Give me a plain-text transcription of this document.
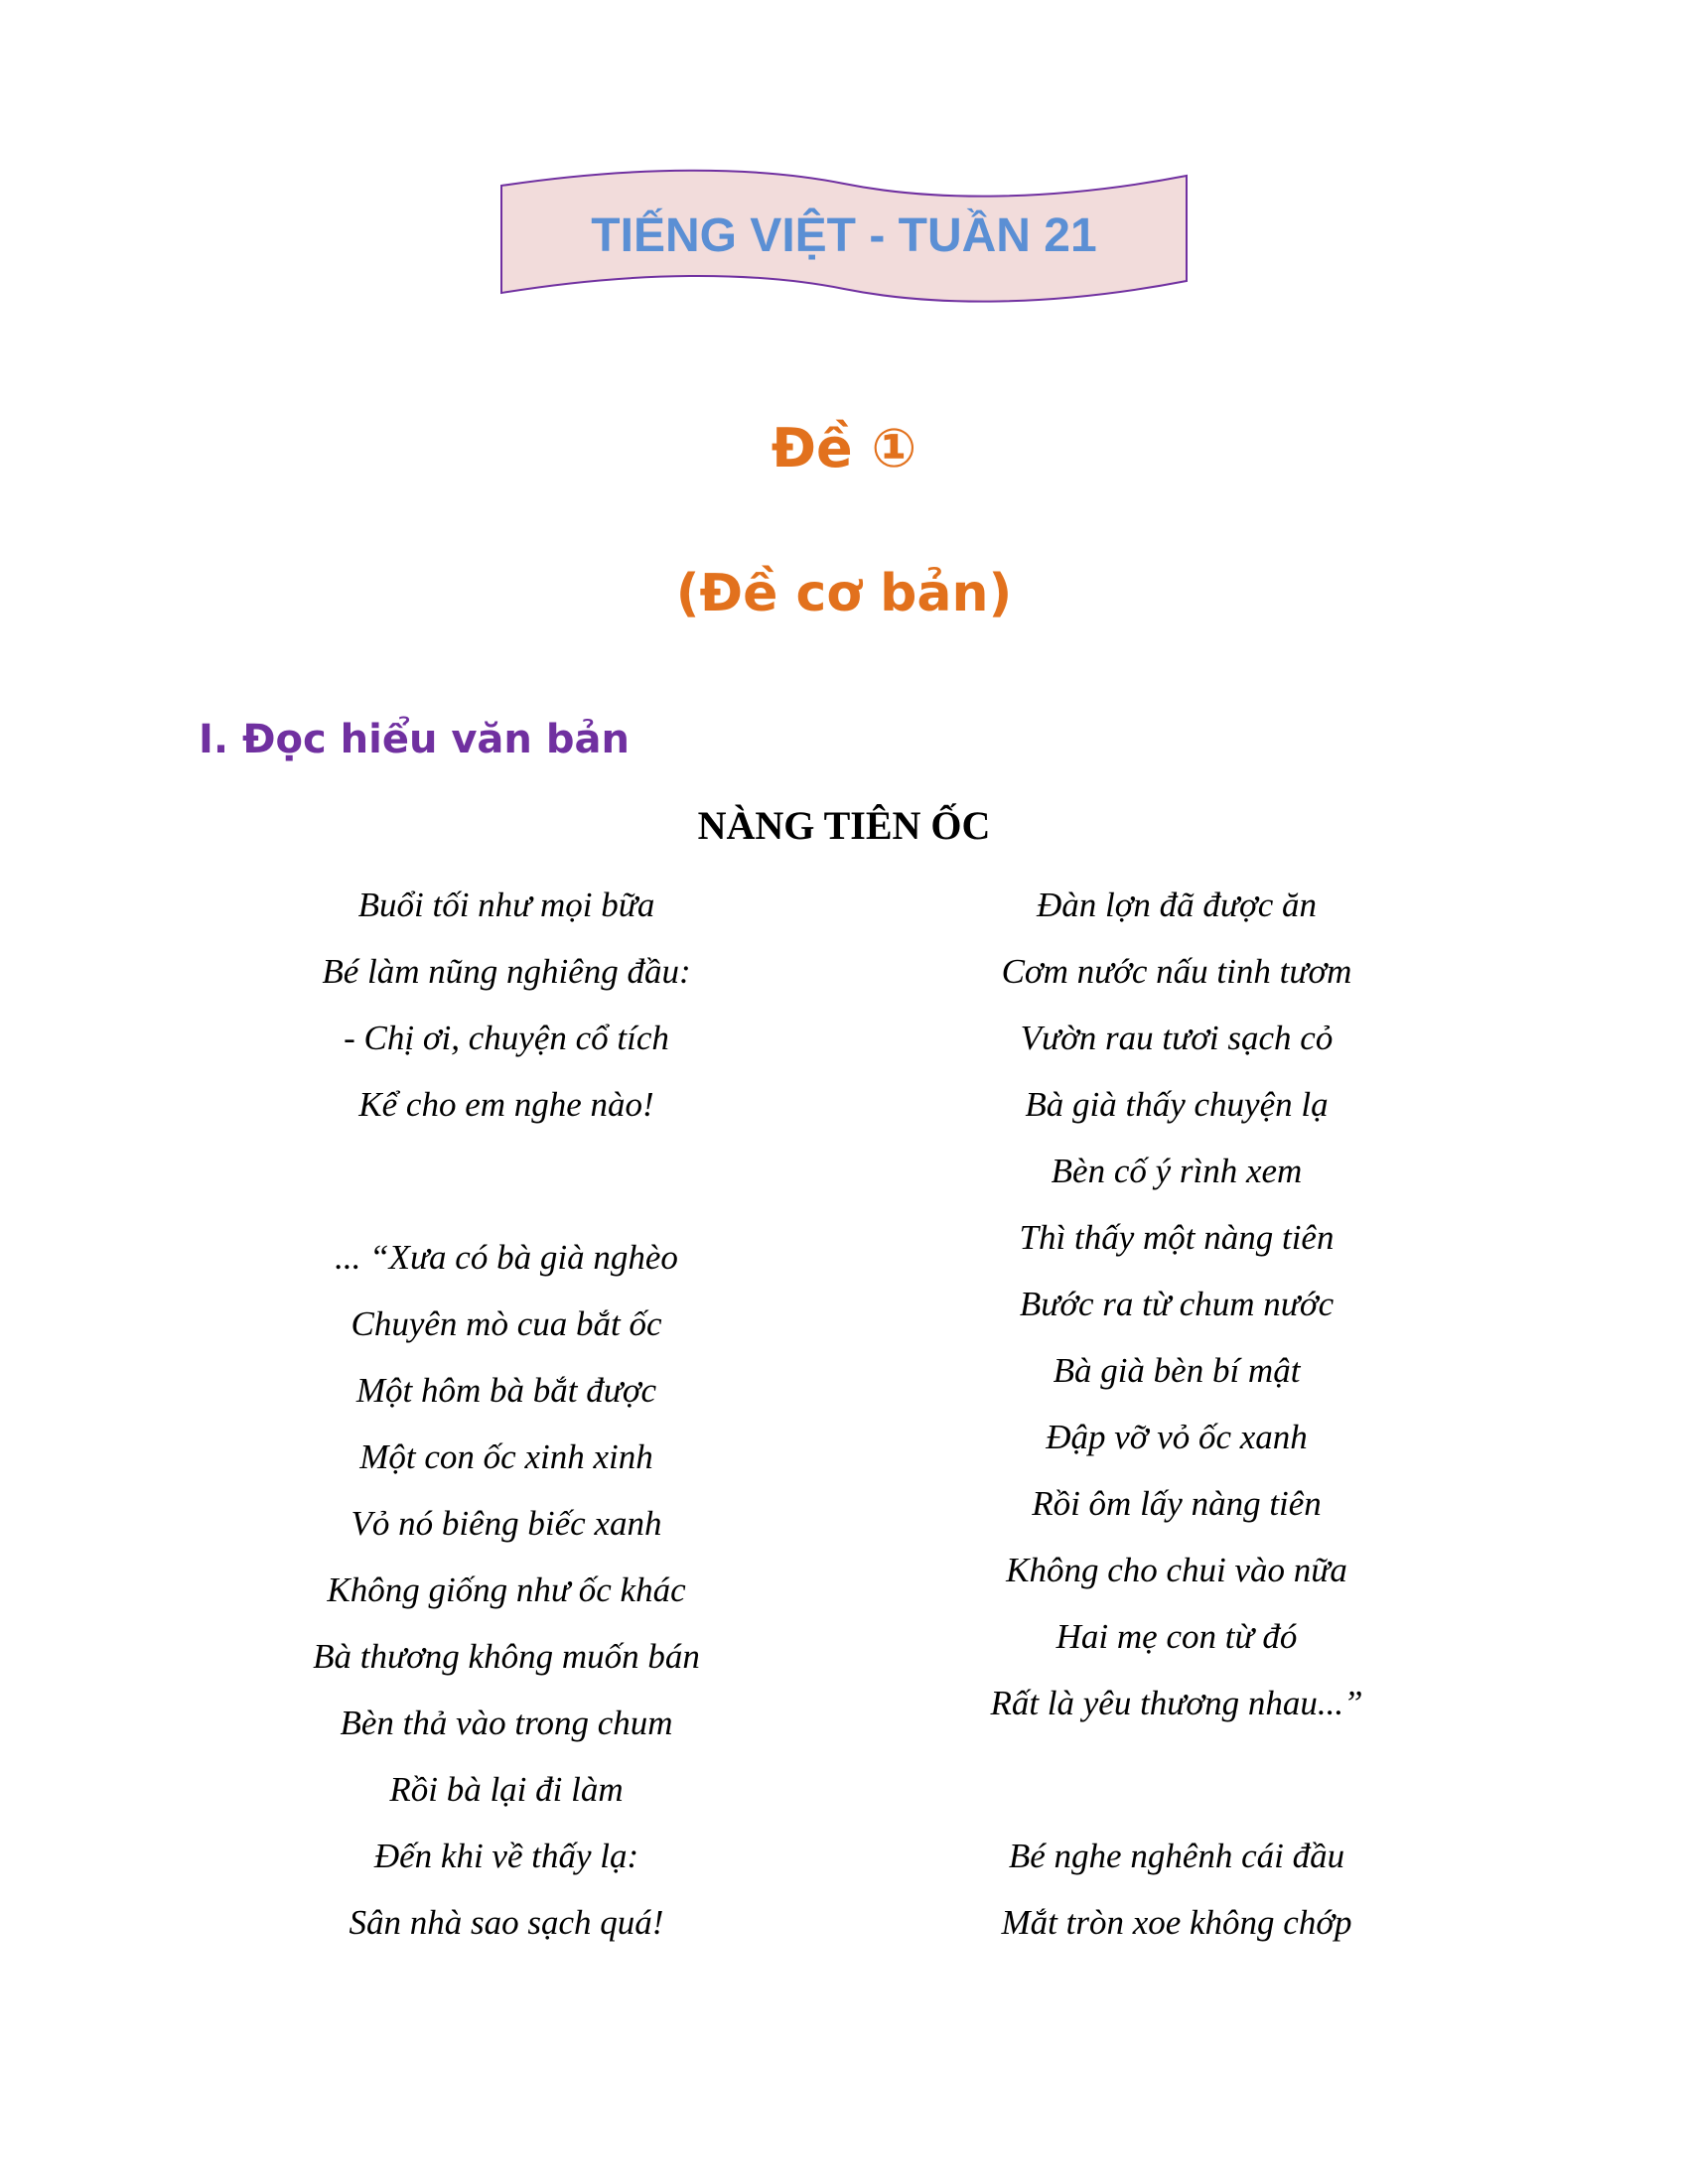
TIẾNG VIỆT - TUẦN 21
Đề ①
(Đề cơ bản)
I. Đọc hiểu văn bản
NÀNG TIÊN ỐC
Buổi tối như mọi bữa
Bé làm nũng nghiêng đầu:
- Chị ơi, chuyện cổ tích
Kể cho em nghe nào!
... “Xưa có bà già nghèo
Chuyên mò cua bắt ốc
Một hôm bà bắt được
Một con ốc xinh xinh
Vỏ nó biêng biếc xanh
Không giống như ốc khác
Bà thương không muốn bán
Bèn thả vào trong chum
Rồi bà lại đi làm
Đến khi về thấy lạ:
Sân nhà sao sạch quá!
Đàn lợn đã được ăn
Cơm nước nấu tinh tươm
Vườn rau tươi sạch cỏ
Bà già thấy chuyện lạ
Bèn cố ý rình xem
Thì thấy một nàng tiên
Bước ra từ chum nước
Bà già bèn bí mật
Đập vỡ vỏ ốc xanh
Rồi ôm lấy nàng tiên
Không cho chui vào nữa
Hai mẹ con từ đó
Rất là yêu thương nhau...”
Bé nghe nghênh cái đầu
Mắt tròn xoe không chớp
